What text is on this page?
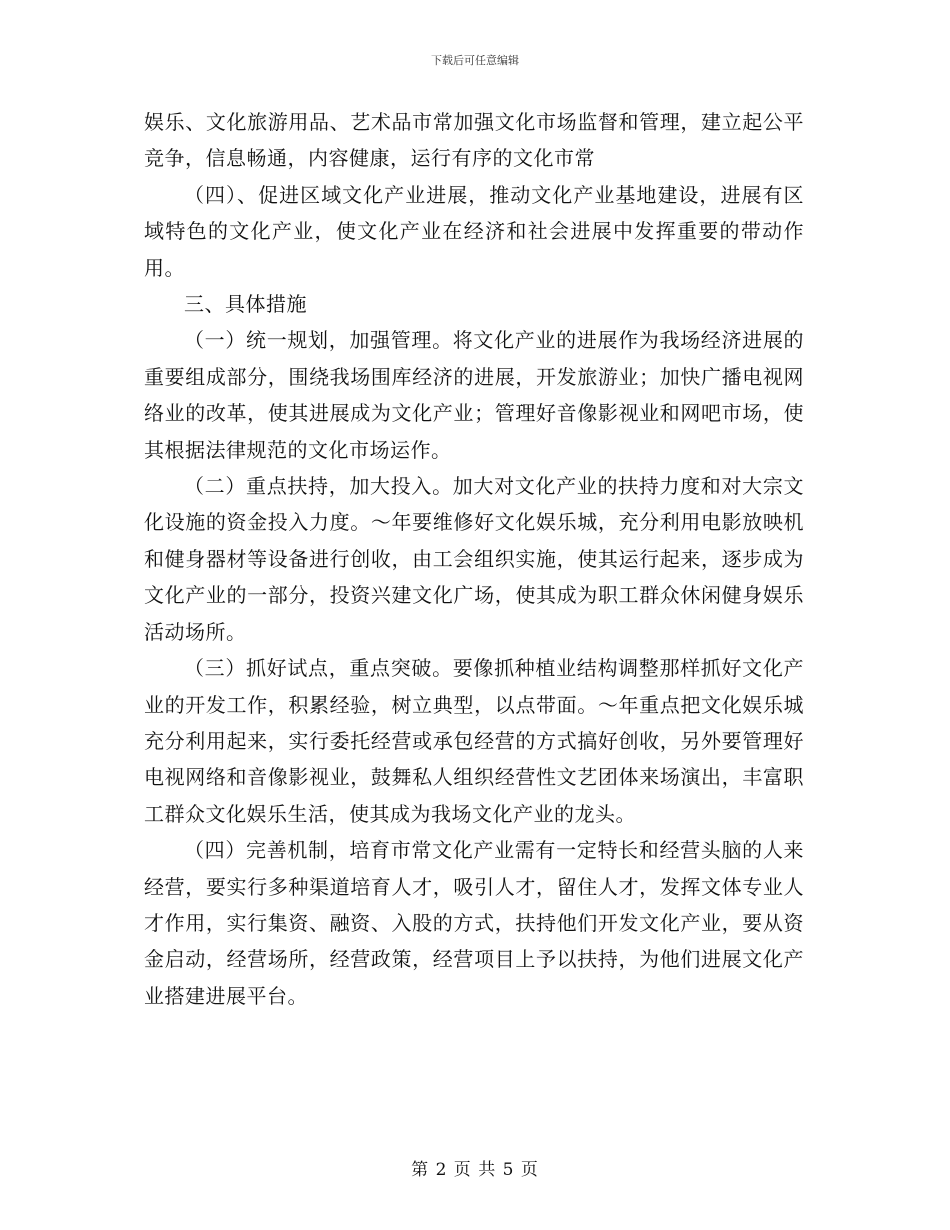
下载后可任意编辑

娱乐、文化旅游用品、艺术品市常加强文化市场监督和管理，建立起公平竞争，信息畅通，内容健康，运行有序的文化市常

（四）、促进区域文化产业进展，推动文化产业基地建设，进展有区域特色的文化产业，使文化产业在经济和社会进展中发挥重要的带动作用。

三、具体措施

（一）统一规划，加强管理。将文化产业的进展作为我场经济进展的重要组成部分，围绕我场围库经济的进展，开发旅游业；加快广播电视网络业的改革，使其进展成为文化产业；管理好音像影视业和网吧市场，使其根据法律规范的文化市场运作。

（二）重点扶持，加大投入。加大对文化产业的扶持力度和对大宗文化设施的资金投入力度。～年要维修好文化娱乐城，充分利用电影放映机和健身器材等设备进行创收，由工会组织实施，使其运行起来，逐步成为文化产业的一部分，投资兴建文化广场，使其成为职工群众休闲健身娱乐活动场所。

（三）抓好试点，重点突破。要像抓种植业结构调整那样抓好文化产业的开发工作，积累经验，树立典型，以点带面。～年重点把文化娱乐城充分利用起来，实行委托经营或承包经营的方式搞好创收，另外要管理好电视网络和音像影视业，鼓舞私人组织经营性文艺团体来场演出，丰富职工群众文化娱乐生活，使其成为我场文化产业的龙头。

（四）完善机制，培育市常文化产业需有一定特长和经营头脑的人来经营，要实行多种渠道培育人才，吸引人才，留住人才，发挥文体专业人才作用，实行集资、融资、入股的方式，扶持他们开发文化产业，要从资金启动，经营场所，经营政策，经营项目上予以扶持，为他们进展文化产业搭建进展平台。

第 2 页 共 5 页
